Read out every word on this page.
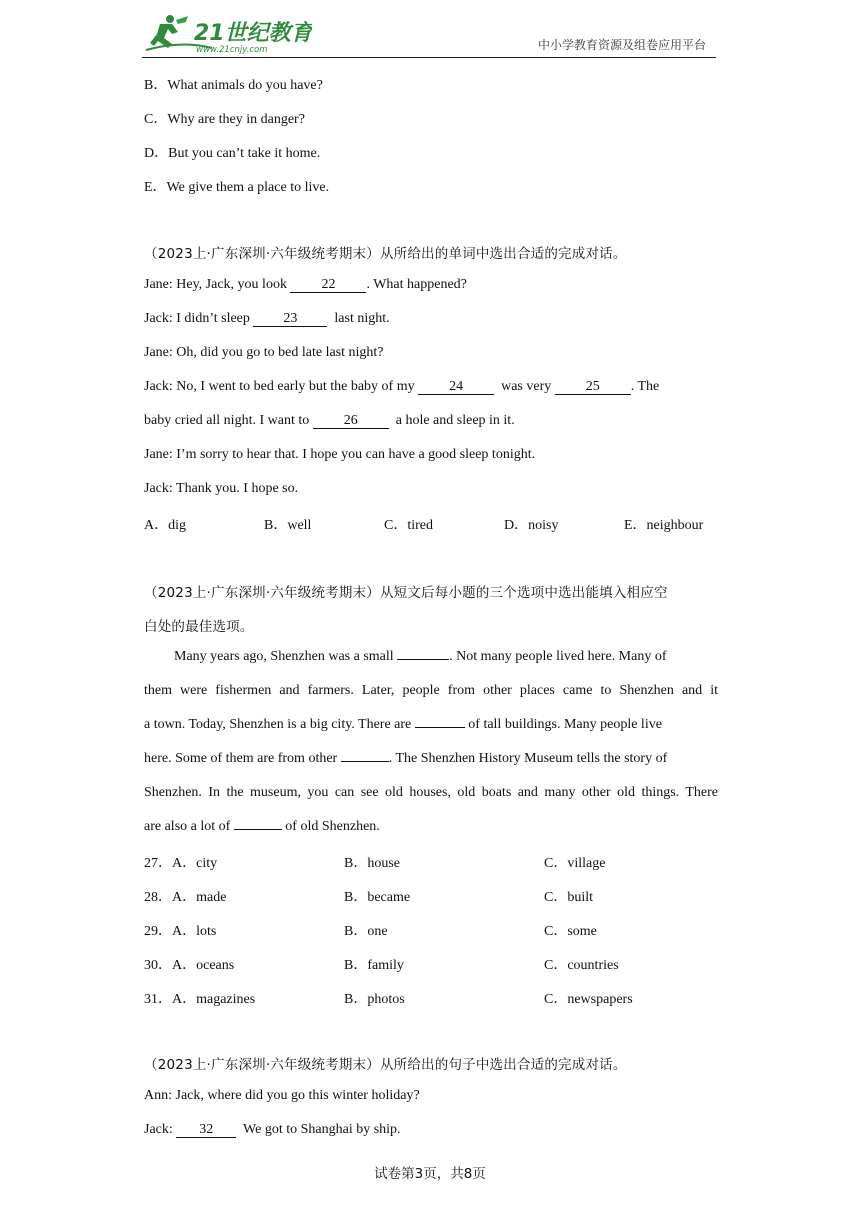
21世纪教育
www.21cnjy.com	中小学教育资源及组卷应用平台
B．What animals do you have?
C．Why are they in danger?
D．But you can’t take it home.
E．We give them a place to live.
（2023上·广东深圳·六年级统考期末）从所给出的单词中选出合适的完成对话。
Jane: Hey, Jack, you look 22 . What happened?
Jack: I didn’t sleep 23  last night.
Jane: Oh, did you go to bed late last night?
Jack: No, I went to bed early but the baby of my 24  was very 25 . The
baby cried all night. I want to 26  a hole and sleep in it.
Jane: I’m sorry to hear that. I hope you can have a good sleep tonight.
Jack: Thank you. I hope so.
A．dig	B．well	C．tired	D．noisy	E．neighbour
（2023上·广东深圳·六年级统考期末）从短文后每小题的三个选项中选出能填入相应空
白处的最佳选项。
Many years ago, Shenzhen was a small	. Not many people lived here. Many of
them were fishermen and farmers. Later, people from other places came to Shenzhen and it
a town. Today, Shenzhen is a big city. There are	of tall buildings. Many people live
here. Some of them are from other	. The Shenzhen History Museum tells the story of
Shenzhen. In the museum, you can see old houses, old boats and many other old things. There
are also a lot of	of old Shenzhen.
27．A．city	B．house	C．village
28．A．made	B．became	C．built
29．A．lots	B．one	C．some
30．A．oceans	B．family	C．countries
31．A．magazines	B．photos	C．newspapers
（2023上·广东深圳·六年级统考期末）从所给出的句子中选出合适的完成对话。
Ann: Jack, where did you go this winter holiday?
Jack: 32  We got to Shanghai by ship.
试卷第3页，共8页
